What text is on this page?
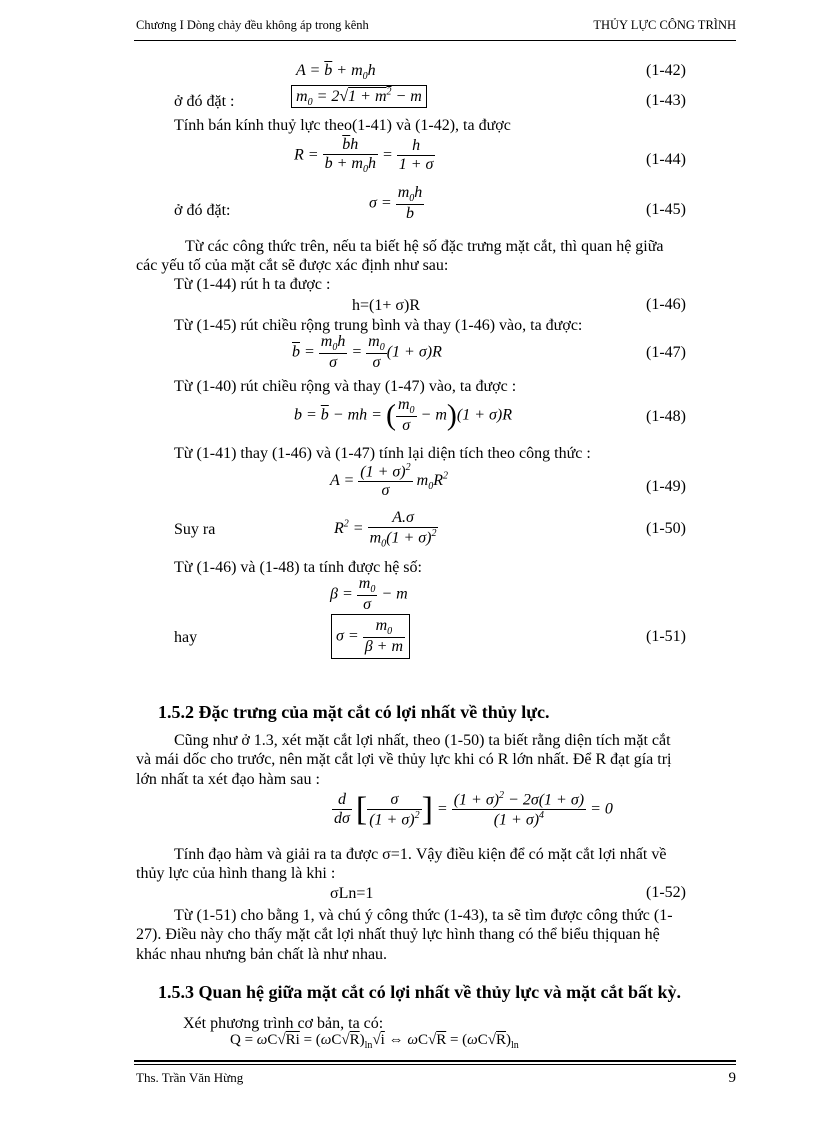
Chương I Dòng chảy đều không áp trong kênh	THỦY LỰC CÔNG TRÌNH
$A = \overline{b} + m_0h$	(1-42)
ở đó đặt :	$m_0 = 2√1 + m^2 - m$	(1-43)
Tính bán kính thuỷ lực theo(1-41) và (1-42), ta được
$R = \frac{\overline{b}h}{\overline{b} + m_0h} = \frac{h}{1 + \sigma}$	(1-44)
ở đó đặt:	$\sigma = \frac{m_0h}{b}$	(1-45)
Từ các công thức trên, nếu ta biết hệ số đặc trưng mặt cắt, thì quan hệ giữa
các yếu tố của mặt cắt sẽ được xác định như sau:
Từ (1-44) rút h ta được :
h=(1+ σ)R	(1-46)
Từ (1-45) rút chiều rộng trung bình và thay (1-46) vào, ta được:
$\overline{b} = \frac{m_0h}{\sigma} = \frac{m_0}{\sigma} (1 + \sigma)R$	(1-47)
Từ (1-40) rút chiều rộng và thay (1-47) vào, ta được :
$b = \overline{b}$ − mh = ( $\frac{m_0}{\sigma} - m)(1 + \sigma)R$	(1-48)
Từ (1-41) thay (1-46) và (1-47) tính lại diện tích theo công thức :
$A = \frac{(1 + \sigma)^2}{\sigma} m_0R^2$
(1-49)
Suy ra	$R^2 = \frac{A.\sigma}{m_0(1 + \sigma)^2}$	(1-50)
Từ (1-46) và (1-48) ta tính được hệ số:
$\beta = \frac{m_0}{\sigma} - m$
hay	$\sigma = \frac{m_0}{\beta + m}$	(1-51)
1.5.2 Đặc trưng của mặt cắt có lợi nhất về thủy lực.
Cũng như ở 1.3, xét mặt cắt lợi nhất, theo (1-50) ta biết rằng diện tích mặt cắt
và mái dốc cho trước, nên mặt cắt lợi về thủy lực khi có R lớn nhất. Để R đạt gía trị
lớn nhất ta xét đạo hàm sau :
$\frac{d}{d\sigma}$ [ $\frac{\sigma}{(1 + \sigma)^2}$ ] = $\frac{(1 + \sigma)^2 - 2\sigma(1 + \sigma)}{(1 + \sigma)^4} = 0$
Tính đạo hàm và giải ra ta được σ=1. Vậy điều kiện để có mặt cắt lợi nhất về
thủy lực của hình thang là khi :
σLn=1	(1-52)
Từ (1-51) cho bằng 1, và chú ý công thức (1-43), ta sẽ tìm được công thức (1-
27). Điều này cho thấy mặt cắt lợi nhất thuỷ lực hình thang có thể biểu thịquan hệ
khác nhau nhưng bản chất là như nhau.
1.5.3 Quan hệ giữa mặt cắt có lợi nhất về thủy lực và mặt cắt bất kỳ.
Xét phương trình cơ bản, ta có:
$Q = \omega C√Ri = (\omega C√R)_{ln}√i$ ⇔ $\omega C√R = (\omega C√R)_{ln}$
Ths. Trần Văn Hừng	9
